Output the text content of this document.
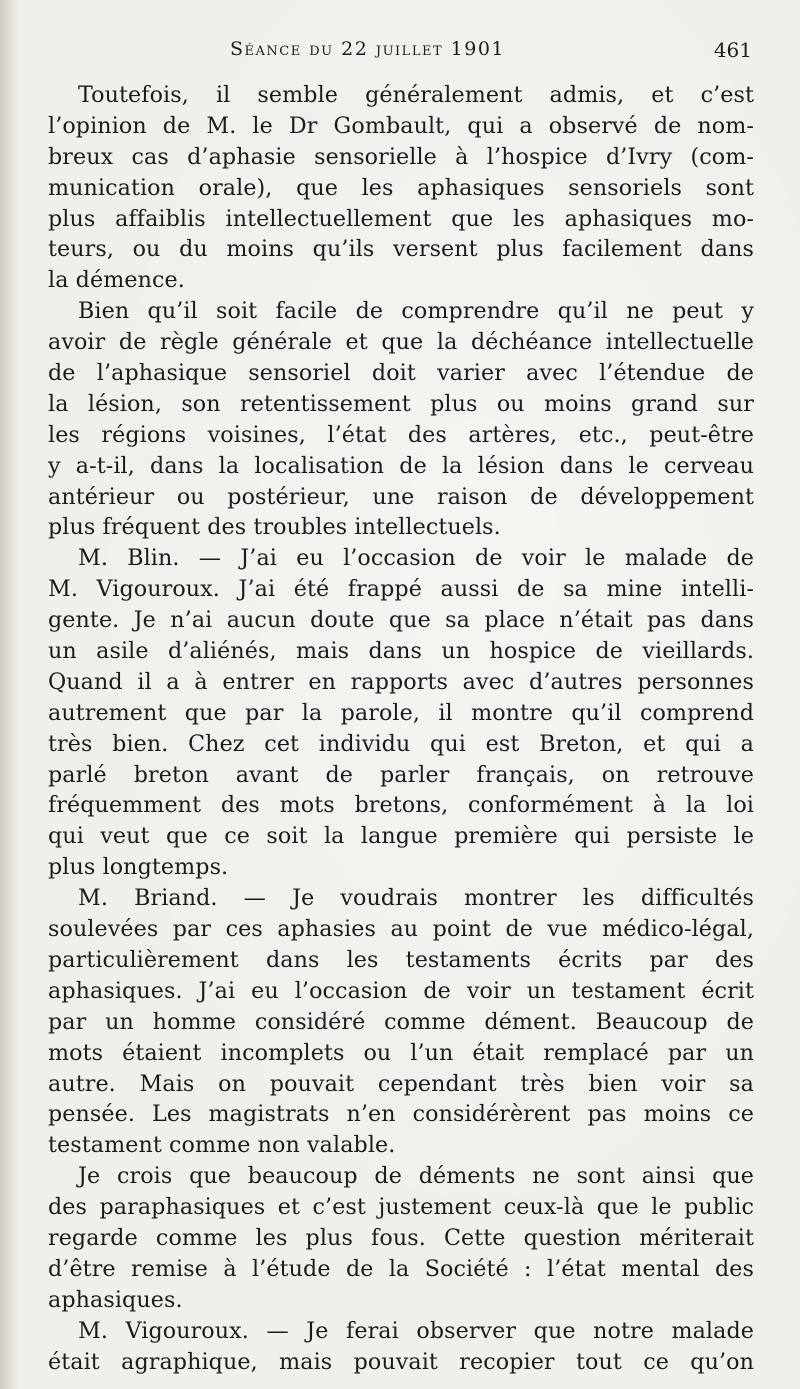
Séance du 22 juillet 1901	461
Toutefois, il semble généralement admis, et c’est
l’opinion de M. le Dr Gombault, qui a observé de nom-
breux cas d’aphasie sensorielle à l’hospice d’Ivry (com-
munication orale), que les aphasiques sensoriels sont
plus affaiblis intellectuellement que les aphasiques mo-
teurs, ou du moins qu’ils versent plus facilement dans
la démence.
Bien qu’il soit facile de comprendre qu’il ne peut y
avoir de règle générale et que la déchéance intellectuelle
de l’aphasique sensoriel doit varier avec l’étendue de
la lésion, son retentissement plus ou moins grand sur
les régions voisines, l’état des artères, etc., peut-être
y a-t-il, dans la localisation de la lésion dans le cerveau
antérieur ou postérieur, une raison de développement
plus fréquent des troubles intellectuels.
M. Blin. — J’ai eu l’occasion de voir le malade de
M. Vigouroux. J’ai été frappé aussi de sa mine intelli-
gente. Je n’ai aucun doute que sa place n’était pas dans
un asile d’aliénés, mais dans un hospice de vieillards.
Quand il a à entrer en rapports avec d’autres personnes
autrement que par la parole, il montre qu’il comprend
très bien. Chez cet individu qui est Breton, et qui a
parlé breton avant de parler français, on retrouve
fréquemment des mots bretons, conformément à la loi
qui veut que ce soit la langue première qui persiste le
plus longtemps.
M. Briand. — Je voudrais montrer les difficultés
soulevées par ces aphasies au point de vue médico-légal,
particulièrement dans les testaments écrits par des
aphasiques. J’ai eu l’occasion de voir un testament écrit
par un homme considéré comme dément. Beaucoup de
mots étaient incomplets ou l’un était remplacé par un
autre. Mais on pouvait cependant très bien voir sa
pensée. Les magistrats n’en considérèrent pas moins ce
testament comme non valable.
Je crois que beaucoup de déments ne sont ainsi que
des paraphasiques et c’est justement ceux-là que le public
regarde comme les plus fous. Cette question mériterait
d’être remise à l’étude de la Société : l’état mental des
aphasiques.
M. Vigouroux. — Je ferai observer que notre malade
était agraphique, mais pouvait recopier tout ce qu’on
